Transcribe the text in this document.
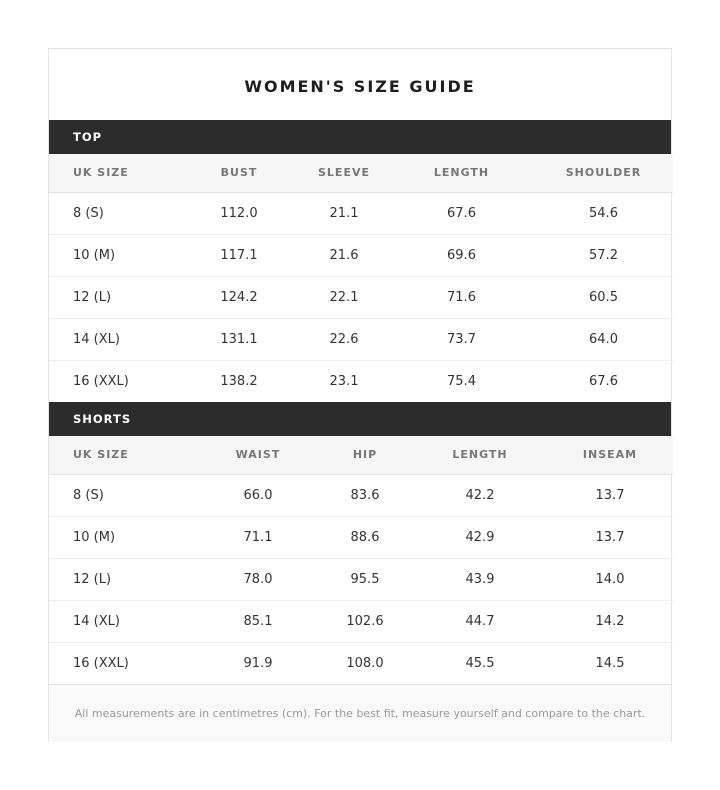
WOMEN'S SIZE GUIDE
TOP
UK SIZE	BUST	SLEEVE	LENGTH	SHOULDER
8 (S)	112.0	21.1	67.6	54.6
10 (M)	117.1	21.6	69.6	57.2
12 (L)	124.2	22.1	71.6	60.5
14 (XL)	131.1	22.6	73.7	64.0
16 (XXL)	138.2	23.1	75.4	67.6
SHORTS
UK SIZE	WAIST	HIP	LENGTH	INSEAM
8 (S)	66.0	83.6	42.2	13.7
10 (M)	71.1	88.6	42.9	13.7
12 (L)	78.0	95.5	43.9	14.0
14 (XL)	85.1	102.6	44.7	14.2
16 (XXL)	91.9	108.0	45.5	14.5
All measurements are in centimetres (cm). For the best fit, measure yourself and compare to the chart.
